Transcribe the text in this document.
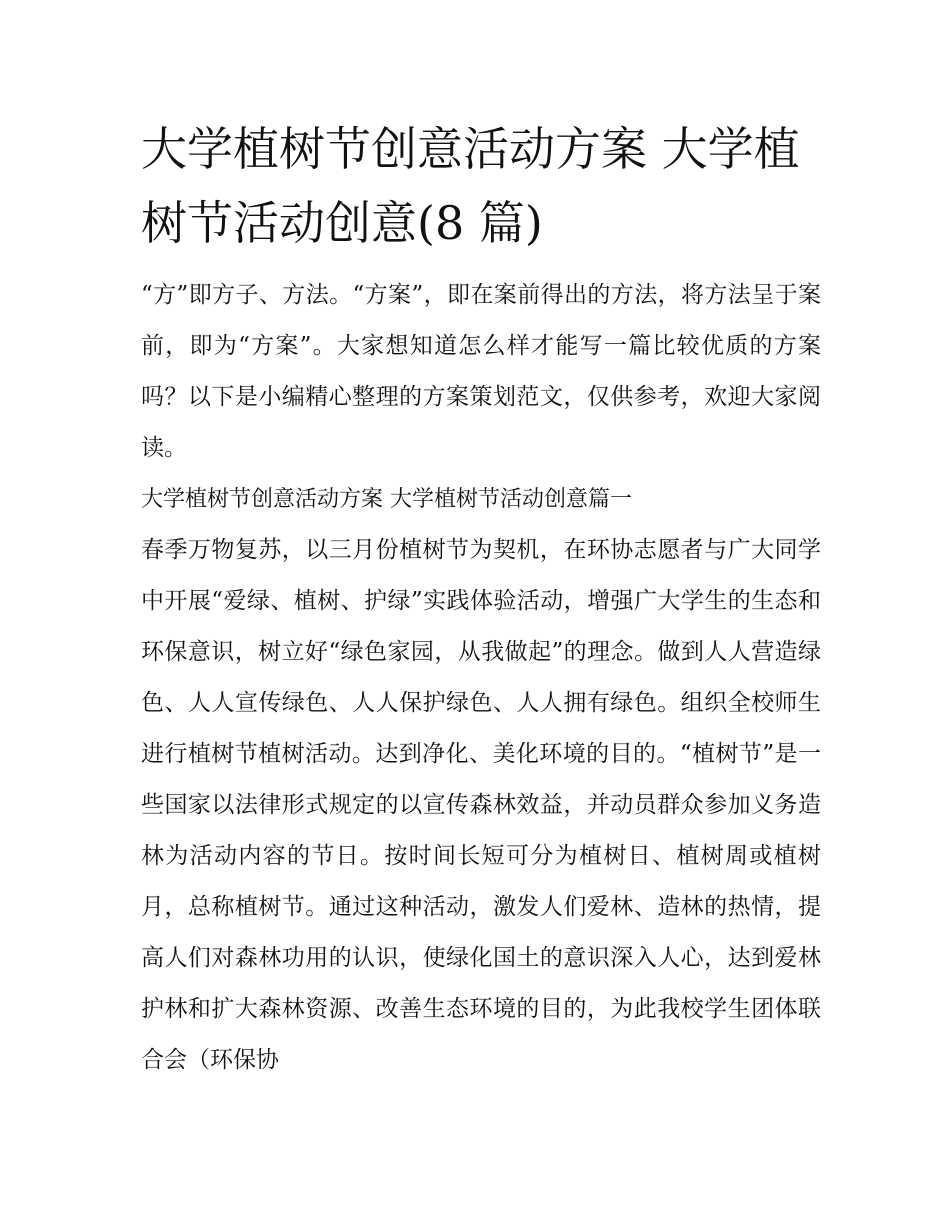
大学植树节创意活动方案 大学植树节活动创意(8 篇)

“方”即方子、方法。“方案”，即在案前得出的方法，将方法呈于案前，即为“方案”。大家想知道怎么样才能写一篇比较优质的方案吗？以下是小编精心整理的方案策划范文，仅供参考，欢迎大家阅读。

大学植树节创意活动方案 大学植树节活动创意篇一

春季万物复苏，以三月份植树节为契机，在环协志愿者与广大同学中开展“爱绿、植树、护绿”实践体验活动，增强广大学生的生态和环保意识，树立好“绿色家园，从我做起”的理念。做到人人营造绿色、人人宣传绿色、人人保护绿色、人人拥有绿色。组织全校师生进行植树节植树活动。达到净化、美化环境的目的。“植树节”是一些国家以法律形式规定的以宣传森林效益，并动员群众参加义务造林为活动内容的节日。按时间长短可分为植树日、植树周或植树月，总称植树节。通过这种活动，激发人们爱林、造林的热情，提高人们对森林功用的认识，使绿化国土的意识深入人心，达到爱林护林和扩大森林资源、改善生态环境的目的，为此我校学生团体联合会（环保协
